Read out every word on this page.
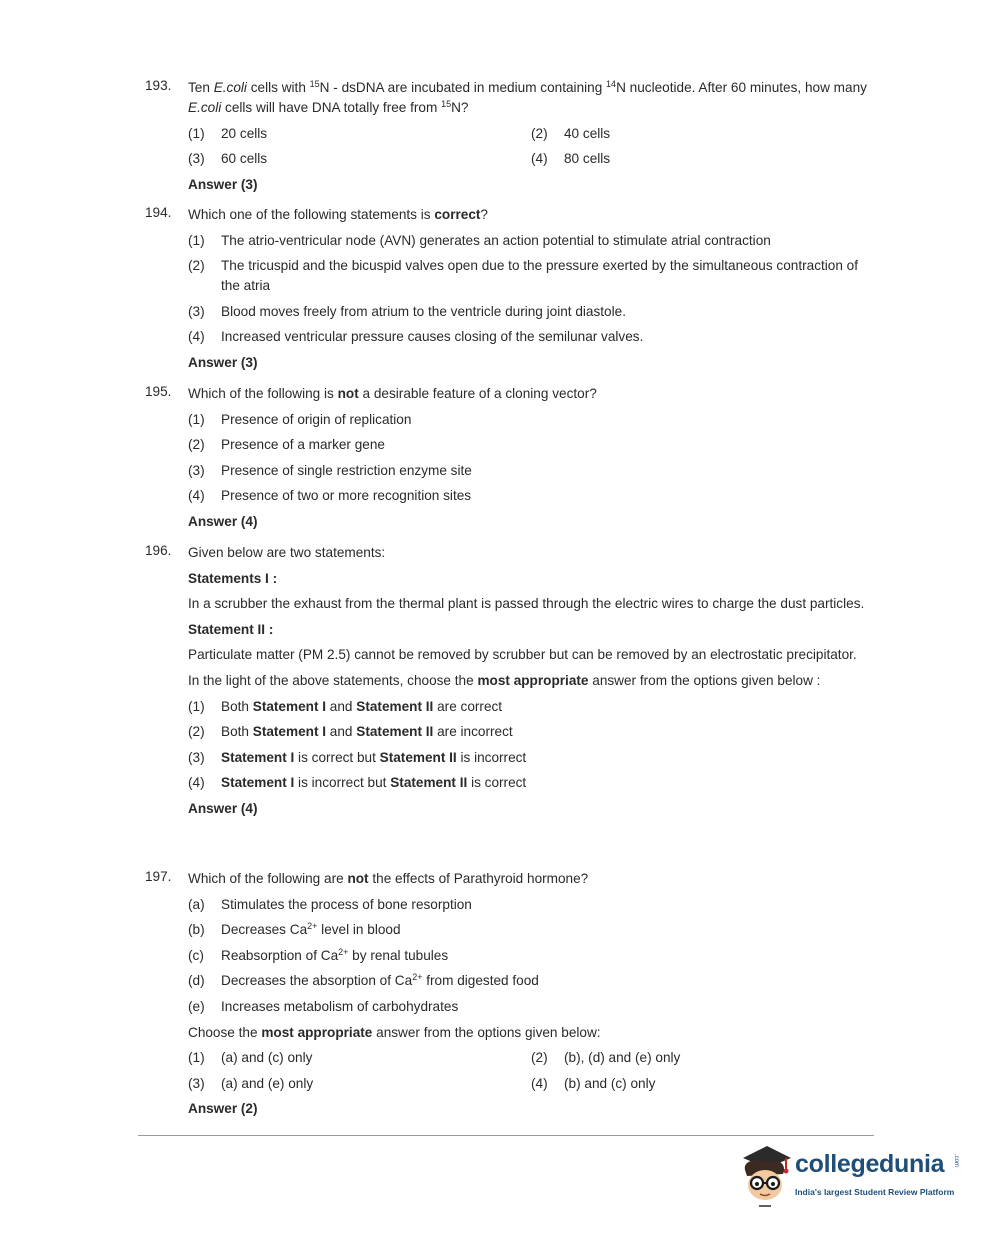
193.	Ten E.coli cells with $^{15}$N - dsDNA are incubated in medium containing $^{14}$N nucleotide. After 60 minutes, how many E.coli cells will have DNA totally free from $^{15}$N?
(1) 20 cells	(2) 40 cells
(3) 60 cells	(4) 80 cells
Answer (3)
194.	Which one of the following statements is correct?
(1) The atrio-ventricular node (AVN) generates an action potential to stimulate atrial contraction
(2) The tricuspid and the bicuspid valves open due to the pressure exerted by the simultaneous contraction of the atria
(3) Blood moves freely from atrium to the ventricle during joint diastole.
(4) Increased ventricular pressure causes closing of the semilunar valves.
Answer (3)
195.	Which of the following is not a desirable feature of a cloning vector?
(1) Presence of origin of replication
(2) Presence of a marker gene
(3) Presence of single restriction enzyme site
(4) Presence of two or more recognition sites
Answer (4)
196.	Given below are two statements:
Statements I :
In a scrubber the exhaust from the thermal plant is passed through the electric wires to charge the dust particles.
Statement II :
Particulate matter (PM 2.5) cannot be removed by scrubber but can be removed by an electrostatic precipitator.
In the light of the above statements, choose the most appropriate answer from the options given below :
(1) Both Statement I and Statement II are correct
(2) Both Statement I and Statement II are incorrect
(3) Statement I is correct but Statement II is incorrect
(4) Statement I is incorrect but Statement II is correct
Answer (4)
197.	Which of the following are not the effects of Parathyroid hormone?
(a) Stimulates the process of bone resorption
(b) Decreases $Ca^{2+}$ level in blood
(c) Reabsorption of $Ca^{2+}$ by renal tubules
(d) Decreases the absorption of $Ca^{2+}$ from digested food
(e) Increases metabolism of carbohydrates
Choose the most appropriate answer from the options given below:
(1) (a) and (c) only	(2) (b), (d) and (e) only
(3) (a) and (e) only	(4) (b) and (c) only
Answer (2)
collegedunia .com
India's largest Student Review Platform
